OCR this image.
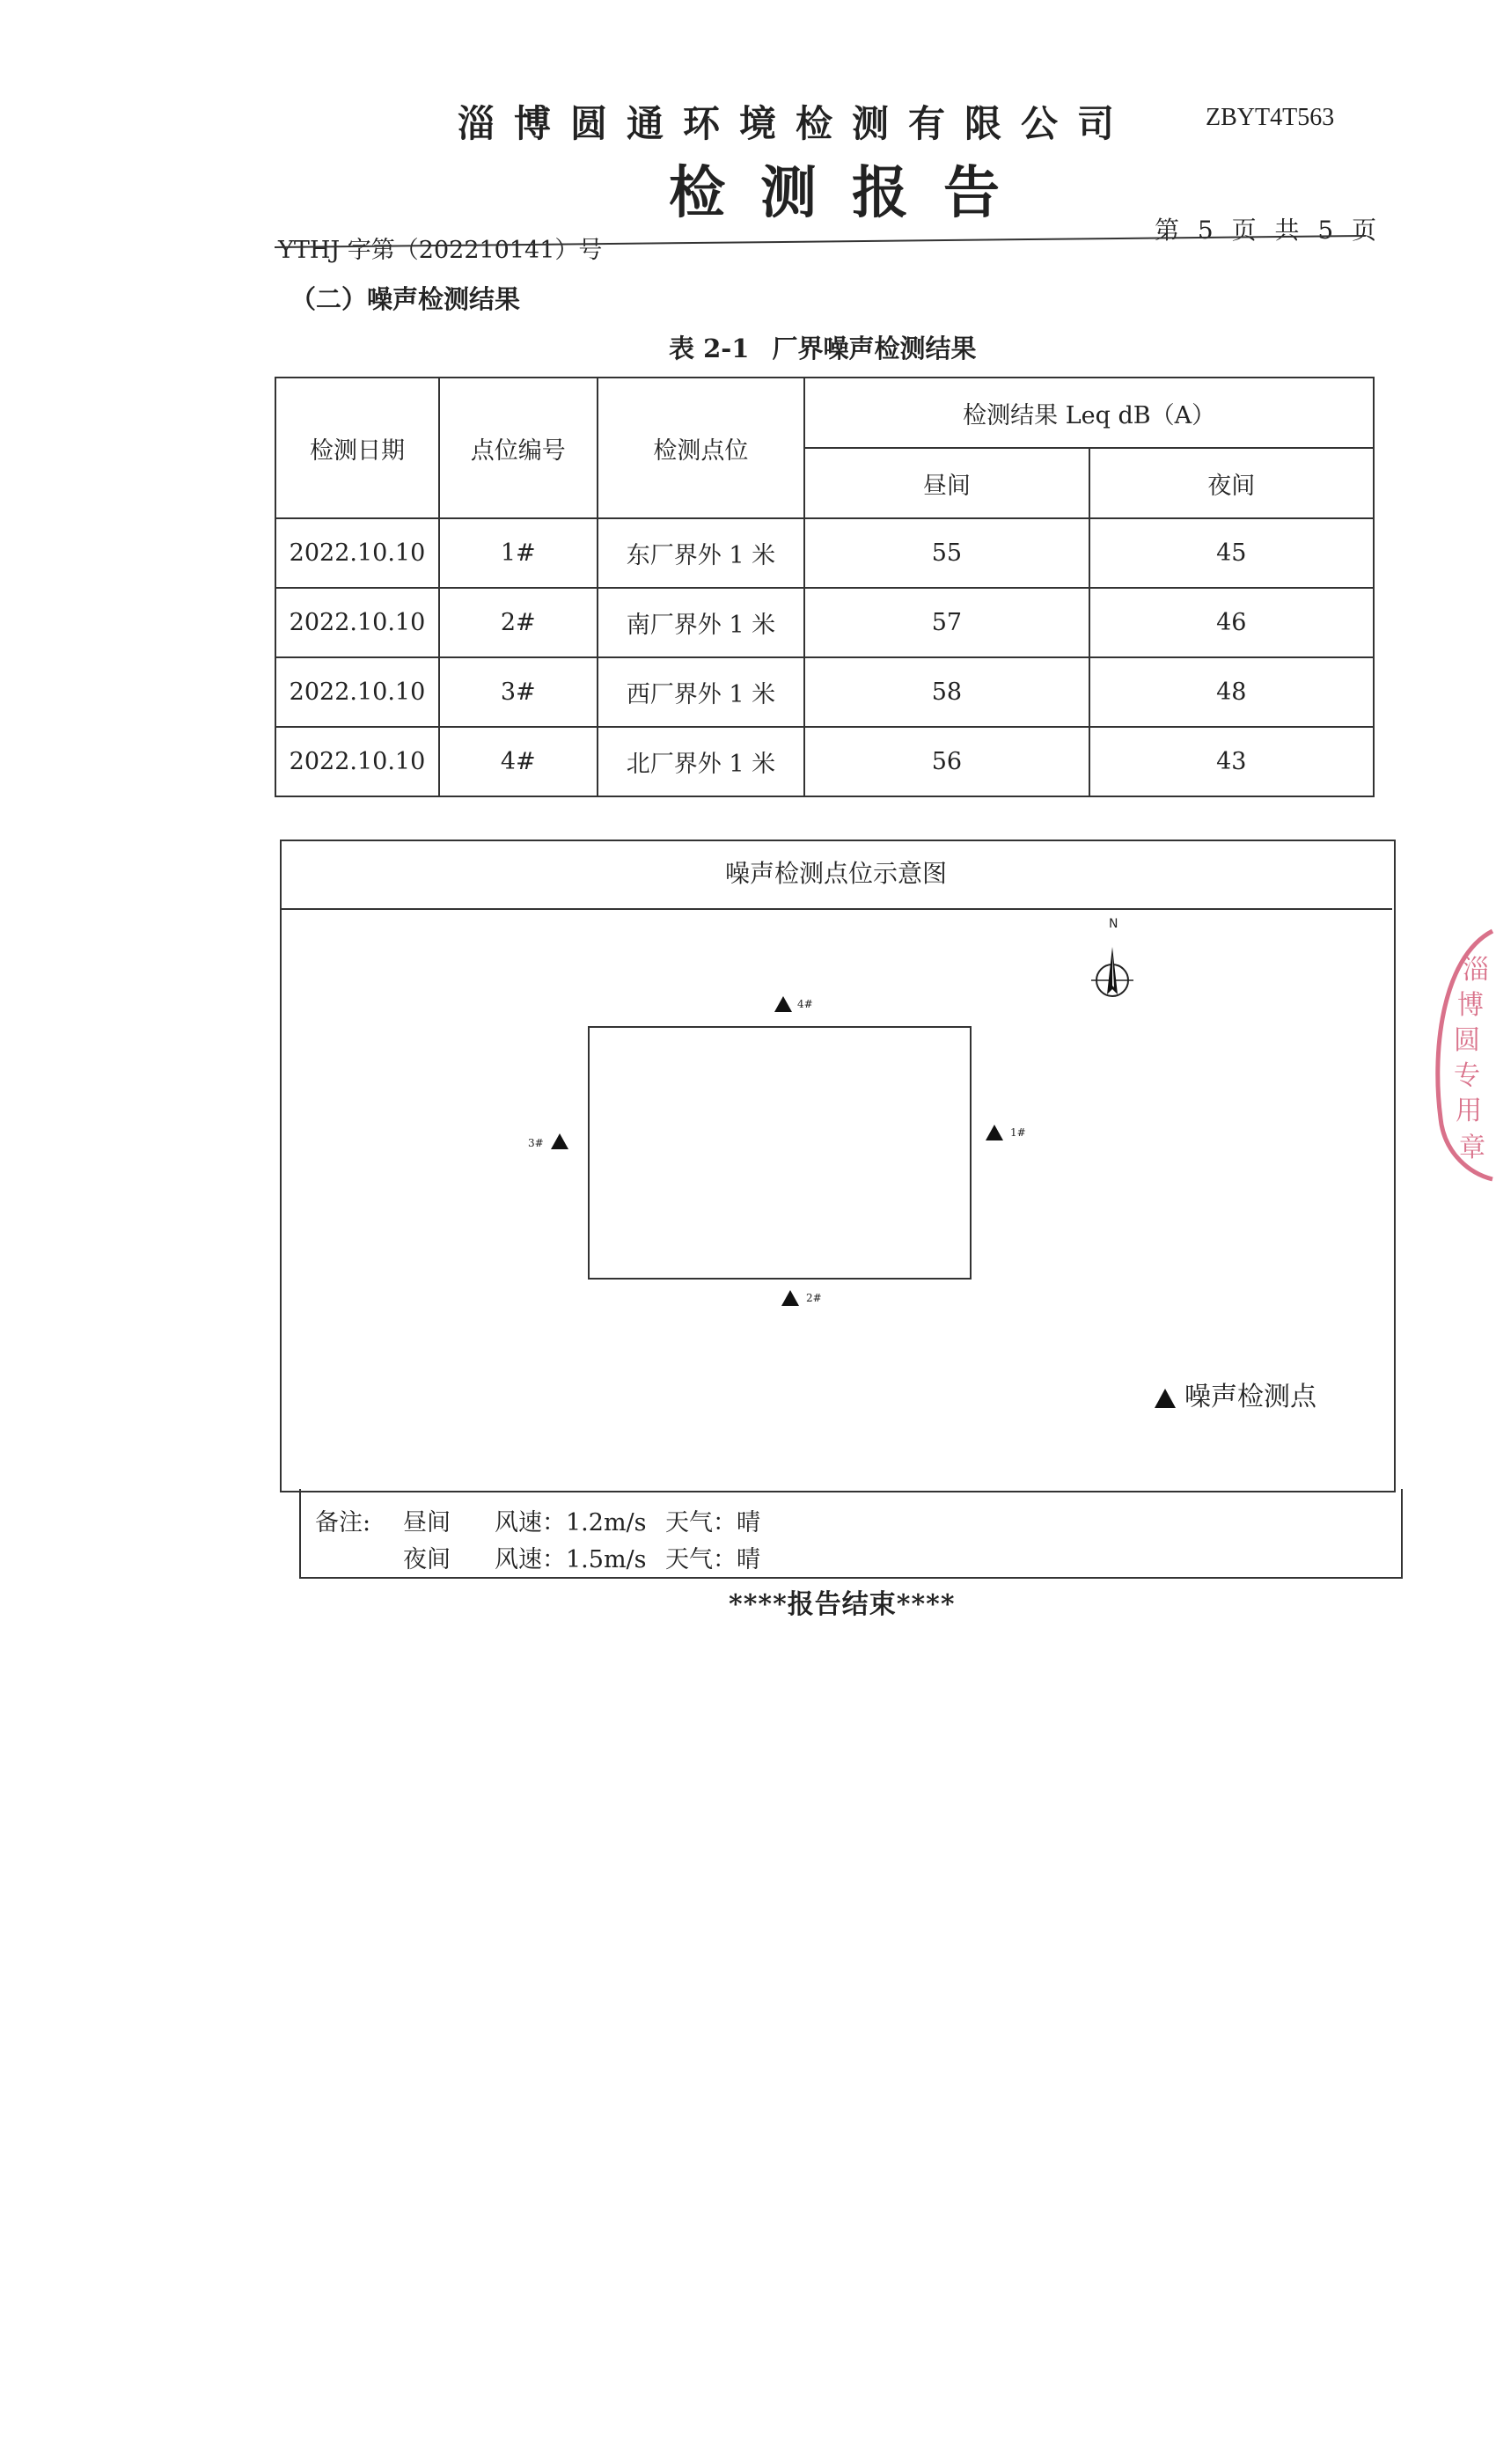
淄博圆通环境检测有限公司	ZBYT4T563
检测报告
第 5 页 共 5 页
YTHJ 字第（202210141）号
（二）噪声检测结果
表 2-1 厂界噪声检测结果
检测日期	点位编号	检测点位	检测结果 Leq dB（A）	
			昼间	夜间
2022.10.10	1#	东厂界外 1 米	55	45
2022.10.10	2#	南厂界外 1 米	57	46
2022.10.10	3#	西厂界外 1 米	58	48
2022.10.10	4#	北厂界外 1 米	56	43
噪声检测点位示意图
4#
1#
3#
2#
N
噪声检测点
备注: 昼间 风速：1.2m/s 天气：晴
夜间 风速：1.5m/s 天气：晴
****报告结束****
淄
博
圆
专
用
章
